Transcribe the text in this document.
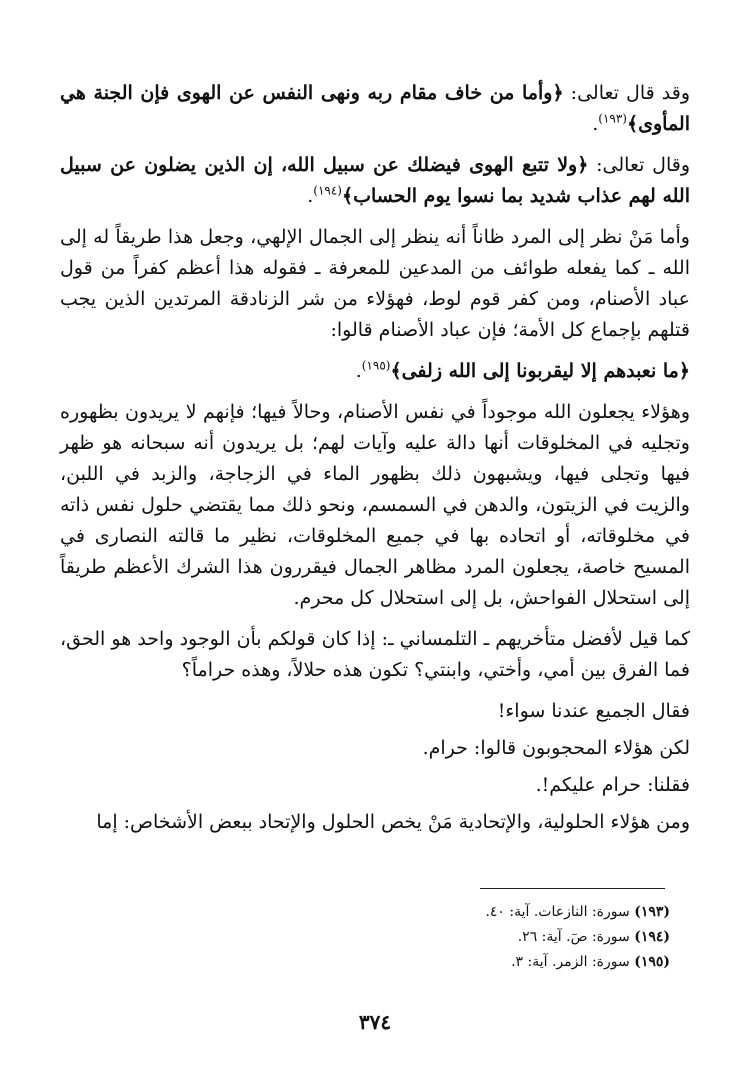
وقد قال تعالى: ﴿وأما من خاف مقام ربه ونهى النفس عن الهوى فإن الجنة هي المأوى﴾$^{(١٩٣)}$.

وقال تعالى: ﴿ولا تتبع الهوى فيضلك عن سبيل الله، إن الذين يضلون عن سبيل الله لهم عذاب شديد بما نسوا يوم الحساب﴾$^{(١٩٤)}$.

وأما مَنْ نظر إلى المرد ظاناً أنه ينظر إلى الجمال الإلهي، وجعل هذا طريقاً له إلى الله ـ كما يفعله طوائف من المدعين للمعرفة ـ فقوله هذا أعظم كفراً من قول عباد الأصنام، ومن كفر قوم لوط، فهؤلاء من شر الزنادقة المرتدين الذين يجب قتلهم بإجماع كل الأمة؛ فإن عباد الأصنام قالوا:

﴿ما نعبدهم إلا ليقربونا إلى الله زلفى﴾$^{(١٩٥)}$.

وهؤلاء يجعلون الله موجوداً في نفس الأصنام، وحالاً فيها؛ فإنهم لا يريدون بظهوره وتجليه في المخلوقات أنها دالة عليه وآيات لهم؛ بل يريدون أنه سبحانه هو ظهر فيها وتجلى فيها، ويشبهون ذلك بظهور الماء في الزجاجة، والزبد في اللبن، والزيت في الزيتون، والدهن في السمسم، ونحو ذلك مما يقتضي حلول نفس ذاته في مخلوقاته، أو اتحاده بها في جميع المخلوقات، نظير ما قالته النصارى في المسيح خاصة، يجعلون المرد مظاهر الجمال فيقررون هذا الشرك الأعظم طريقاً إلى استحلال الفواحش، بل إلى استحلال كل محرم.

كما قيل لأفضل متأخريهم ـ التلمساني ـ: إذا كان قولكم بأن الوجود واحد هو الحق، فما الفرق بين أمي، وأختي، وابنتي؟ تكون هذه حلالاً، وهذه حراماً؟

فقال الجميع عندنا سواء!

لكن هؤلاء المحجوبون قالوا: حرام.

فقلنا: حرام عليكم!.

ومن هؤلاء الحلولية، والإتحادية مَنْ يخص الحلول والإتحاد ببعض الأشخاص: إما

(١٩٣) سورة: النازعات. آية: ٤٠.

(١٩٤) سورة: صٓ. آية: ٢٦.

(١٩٥) سورة: الزمر. آية: ٣.

٣٧٤
